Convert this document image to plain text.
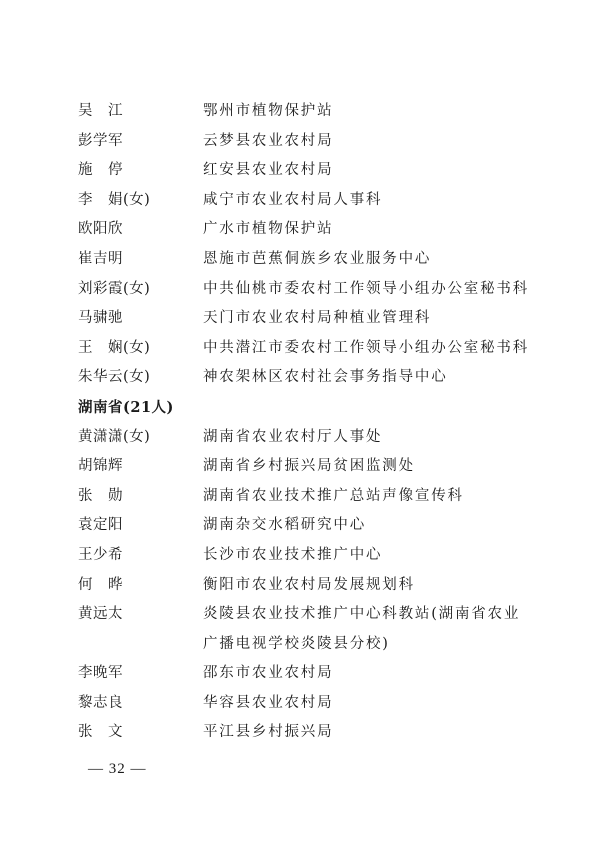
吴　江	鄂州市植物保护站
彭学军	云梦县农业农村局
施　停	红安县农业农村局
李　娟(女)	咸宁市农业农村局人事科
欧阳欣	广水市植物保护站
崔吉明	恩施市芭蕉侗族乡农业服务中心
刘彩霞(女)	中共仙桃市委农村工作领导小组办公室秘书科
马骕驰	天门市农业农村局种植业管理科
王　娴(女)	中共潜江市委农村工作领导小组办公室秘书科
朱华云(女)	神农架林区农村社会事务指导中心
湖南省(21人)
黄潇潇(女)	湖南省农业农村厅人事处
胡锦辉	湖南省乡村振兴局贫困监测处
张　勋	湖南省农业技术推广总站声像宣传科
袁定阳	湖南杂交水稻研究中心
王少希	长沙市农业技术推广中心
何　晔	衡阳市农业农村局发展规划科
黄远太	炎陵县农业技术推广中心科教站(湖南省农业
广播电视学校炎陵县分校)
李晚军	邵东市农业农村局
黎志良	华容县农业农村局
张　文	平江县乡村振兴局
— 32 —
